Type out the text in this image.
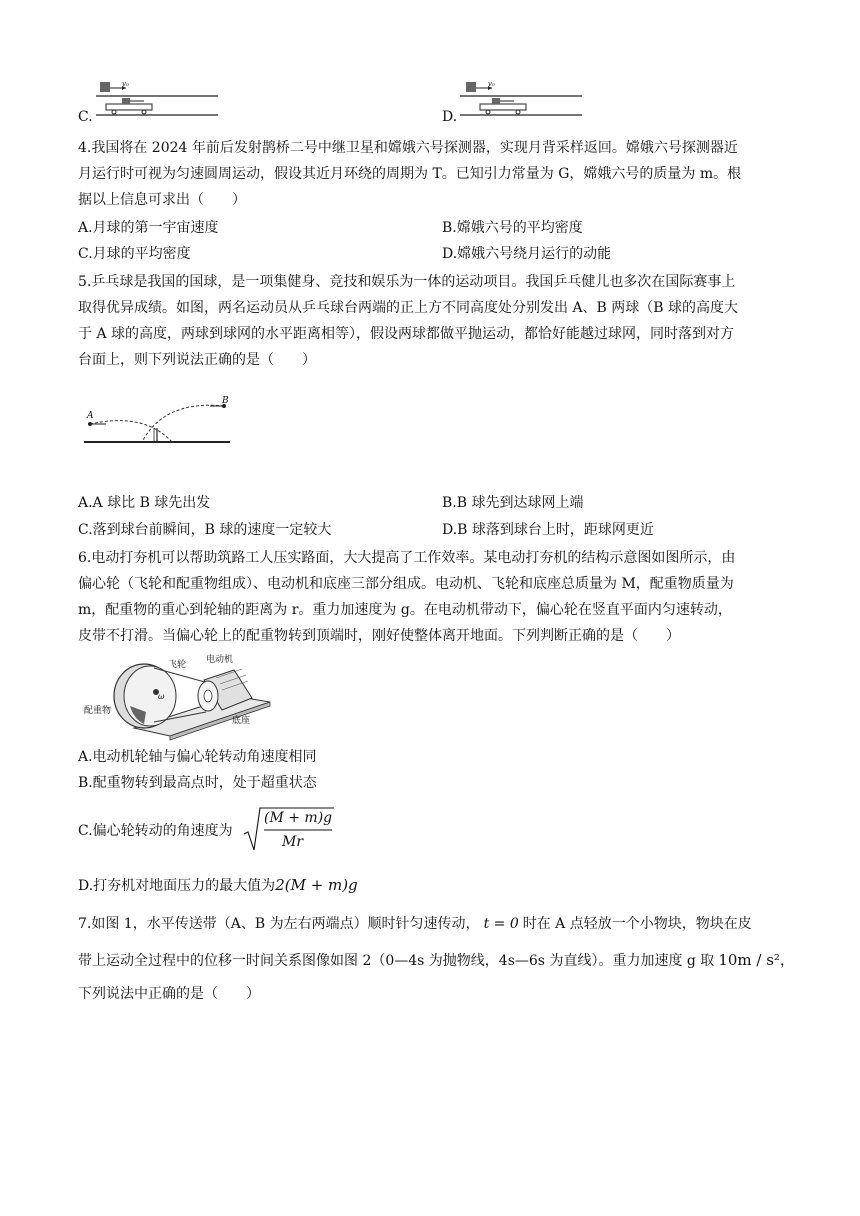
C.
v₀
D.
v₀
4.我国将在 2024 年前后发射鹊桥二号中继卫星和嫦娥六号探测器，实现月背采样返回。嫦娥六号探测器近
月运行时可视为匀速圆周运动，假设其近月环绕的周期为 T。已知引力常量为 G，嫦娥六号的质量为 m。根
据以上信息可求出（　　）
A.月球的第一宇宙速度	B.嫦娥六号的平均密度
C.月球的平均密度	D.嫦娥六号绕月运行的动能
5.乒乓球是我国的国球，是一项集健身、竞技和娱乐为一体的运动项目。我国乒乓健儿也多次在国际赛事上
取得优异成绩。如图，两名运动员从乒乓球台两端的正上方不同高度处分别发出 A、B 两球（B 球的高度大
于 A 球的高度，两球到球网的水平距离相等），假设两球都做平抛运动，都恰好能越过球网，同时落到对方
台面上，则下列说法正确的是（　　）
A
B
A.A 球比 B 球先出发	B.B 球先到达球网上端
C.落到球台前瞬间，B 球的速度一定较大	D.B 球落到球台上时，距球网更近
6.电动打夯机可以帮助筑路工人压实路面，大大提高了工作效率。某电动打夯机的结构示意图如图所示，由
偏心轮（飞轮和配重物组成）、电动机和底座三部分组成。电动机、飞轮和底座总质量为 M，配重物质量为
m，配重物的重心到轮轴的距离为 r。重力加速度为 g。在电动机带动下，偏心轮在竖直平面内匀速转动，
皮带不打滑。当偏心轮上的配重物转到顶端时，刚好使整体离开地面。下列判断正确的是（　　）
飞轮 电动机
配重物
底座
ω
A.电动机轮轴与偏心轮转动角速度相同
B.配重物转到最高点时，处于超重状态
C.偏心轮转动的角速度为
(M + m)g
Mr
D.打夯机对地面压力的最大值为2(M + m)g
7.如图 1，水平传送带（A、B 为左右两端点）顺时针匀速传动， t = 0 时在 A 点轻放一个小物块，物块在皮
带上运动全过程中的位移一时间关系图像如图 2（0—4s 为抛物线，4s—6s 为直线）。重力加速度 g 取 10m / s²，
下列说法中正确的是（　　）
